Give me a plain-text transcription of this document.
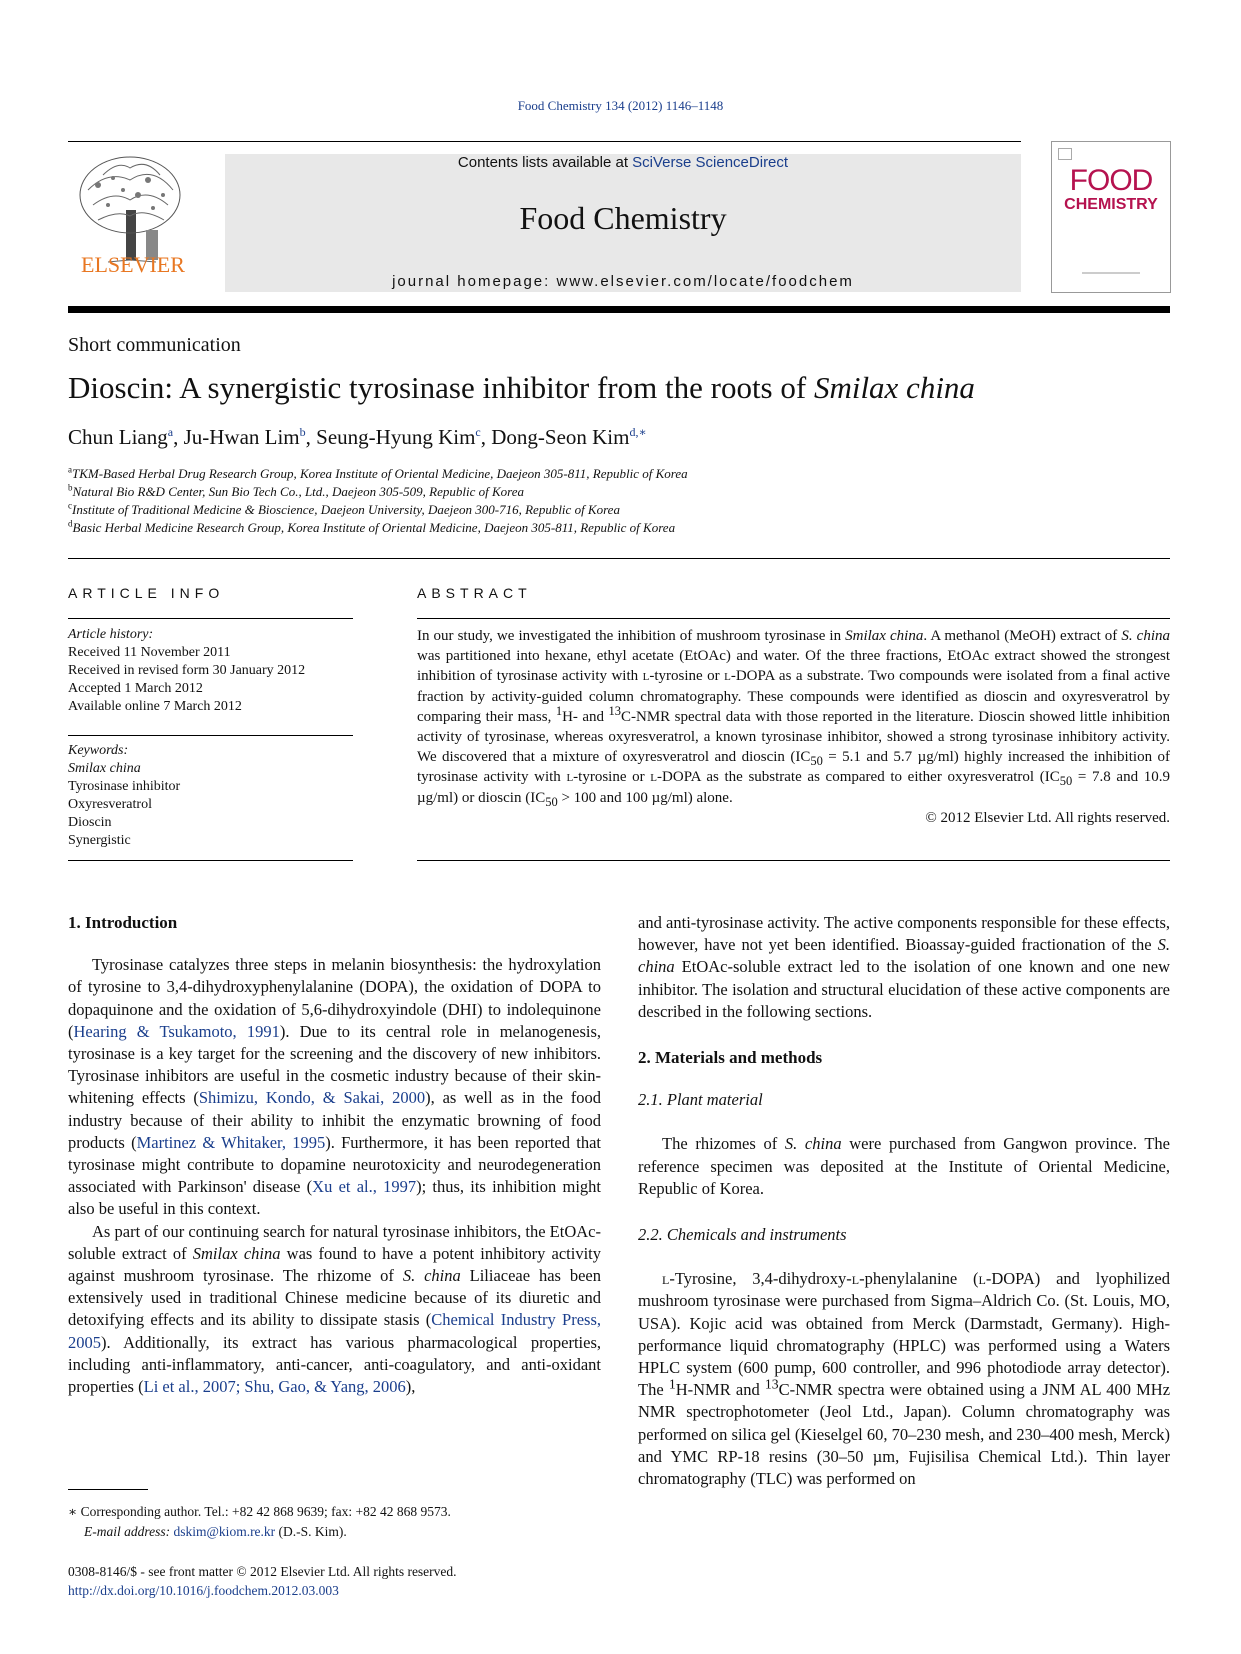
Food Chemistry 134 (2012) 1146–1148
ELSEVIER
Contents lists available at SciVerse ScienceDirect
Food Chemistry
journal homepage: www.elsevier.com/locate/foodchem
FOOD
CHEMISTRY
Short communication
Dioscin: A synergistic tyrosinase inhibitor from the roots of Smilax china
Chun Liang$^a$, Ju-Hwan Lim$^b$, Seung-Hyung Kim$^c$, Dong-Seon Kim$^{d,∗}$
$^a$TKM-Based Herbal Drug Research Group, Korea Institute of Oriental Medicine, Daejeon 305-811, Republic of Korea
$^b$Natural Bio R&D Center, Sun Bio Tech Co., Ltd., Daejeon 305-509, Republic of Korea
$^c$Institute of Traditional Medicine & Bioscience, Daejeon University, Daejeon 300-716, Republic of Korea
$^d$Basic Herbal Medicine Research Group, Korea Institute of Oriental Medicine, Daejeon 305-811, Republic of Korea
ARTICLE INFO
Article history:
Received 11 November 2011
Received in revised form 30 January 2012
Accepted 1 March 2012
Available online 7 March 2012
Keywords:
Smilax china
Tyrosinase inhibitor
Oxyresveratrol
Dioscin
Synergistic
ABSTRACT
In our study, we investigated the inhibition of mushroom tyrosinase in Smilax china. A methanol (MeOH) extract of S. china was partitioned into hexane, ethyl acetate (EtOAc) and water. Of the three fractions, EtOAc extract showed the strongest inhibition of tyrosinase activity with l-tyrosine or l-DOPA as a substrate. Two compounds were isolated from a final active fraction by activity-guided column chromatography. These compounds were identified as dioscin and oxyresveratrol by comparing their mass, $^1$H- and $^{13}$C-NMR spectral data with those reported in the literature. Dioscin showed little inhibition activity of tyrosinase, whereas oxyresveratrol, a known tyrosinase inhibitor, showed a strong tyrosinase inhibitory activity. We discovered that a mixture of oxyresveratrol and dioscin ($IC_{50} = 5.1$ and 5.7 µg/ml) highly increased the inhibition of tyrosinase activity with l-tyrosine or l-DOPA as the substrate as compared to either oxyresveratrol ($IC_{50} = 7.8$ and 10.9 µg/ml) or dioscin ($IC_{50} > 100$ and 100 µg/ml) alone.
© 2012 Elsevier Ltd. All rights reserved.
1. Introduction

Tyrosinase catalyzes three steps in melanin biosynthesis: the hydroxylation of tyrosine to 3,4-dihydroxyphenylalanine (DOPA), the oxidation of DOPA to dopaquinone and the oxidation of 5,6-dihydroxyindole (DHI) to indolequinone (Hearing & Tsukamoto, 1991). Due to its central role in melanogenesis, tyrosinase is a key target for the screening and the discovery of new inhibitors. Tyrosinase inhibitors are useful in the cosmetic industry because of their skin-whitening effects (Shimizu, Kondo, & Sakai, 2000), as well as in the food industry because of their ability to inhibit the enzymatic browning of food products (Martinez & Whitaker, 1995). Furthermore, it has been reported that tyrosinase might contribute to dopamine neurotoxicity and neurodegeneration associated with Parkinson' disease (Xu et al., 1997); thus, its inhibition might also be useful in this context.

As part of our continuing search for natural tyrosinase inhibitors, the EtOAc-soluble extract of Smilax china was found to have a potent inhibitory activity against mushroom tyrosinase. The rhizome of S. china Liliaceae has been extensively used in traditional Chinese medicine because of its diuretic and detoxifying effects and its ability to dissipate stasis (Chemical Industry Press, 2005). Additionally, its extract has various pharmacological properties, including anti-inflammatory, anti-cancer, anti-coagulatory, and anti-oxidant properties (Li et al., 2007; Shu, Gao, & Yang, 2006),

and anti-tyrosinase activity. The active components responsible for these effects, however, have not yet been identified. Bioassay-guided fractionation of the S. china EtOAc-soluble extract led to the isolation of one known and one new inhibitor. The isolation and structural elucidation of these active components are described in the following sections.
2. Materials and methods
2.1. Plant material

The rhizomes of S. china were purchased from Gangwon province. The reference specimen was deposited at the Institute of Oriental Medicine, Republic of Korea.

2.2. Chemicals and instruments

l-Tyrosine, 3,4-dihydroxy-l-phenylalanine (l-DOPA) and lyophilized mushroom tyrosinase were purchased from Sigma–Aldrich Co. (St. Louis, MO, USA). Kojic acid was obtained from Merck (Darmstadt, Germany). High-performance liquid chromatography (HPLC) was performed using a Waters HPLC system (600 pump, 600 controller, and 996 photodiode array detector). The $^1$H-NMR and $^{13}$C-NMR spectra were obtained using a JNM AL 400 MHz NMR spectrophotometer (Jeol Ltd., Japan). Column chromatography was performed on silica gel (Kieselgel 60, 70–230 mesh, and 230–400 mesh, Merck) and YMC RP-18 resins (30–50 µm, Fujisilisa Chemical Ltd.). Thin layer chromatography (TLC) was performed on

∗ Corresponding author. Tel.: +82 42 868 9639; fax: +82 42 868 9573.
E-mail address: dskim@kiom.re.kr (D.-S. Kim).
0308-8146/$ - see front matter © 2012 Elsevier Ltd. All rights reserved.
http://dx.doi.org/10.1016/j.foodchem.2012.03.003
